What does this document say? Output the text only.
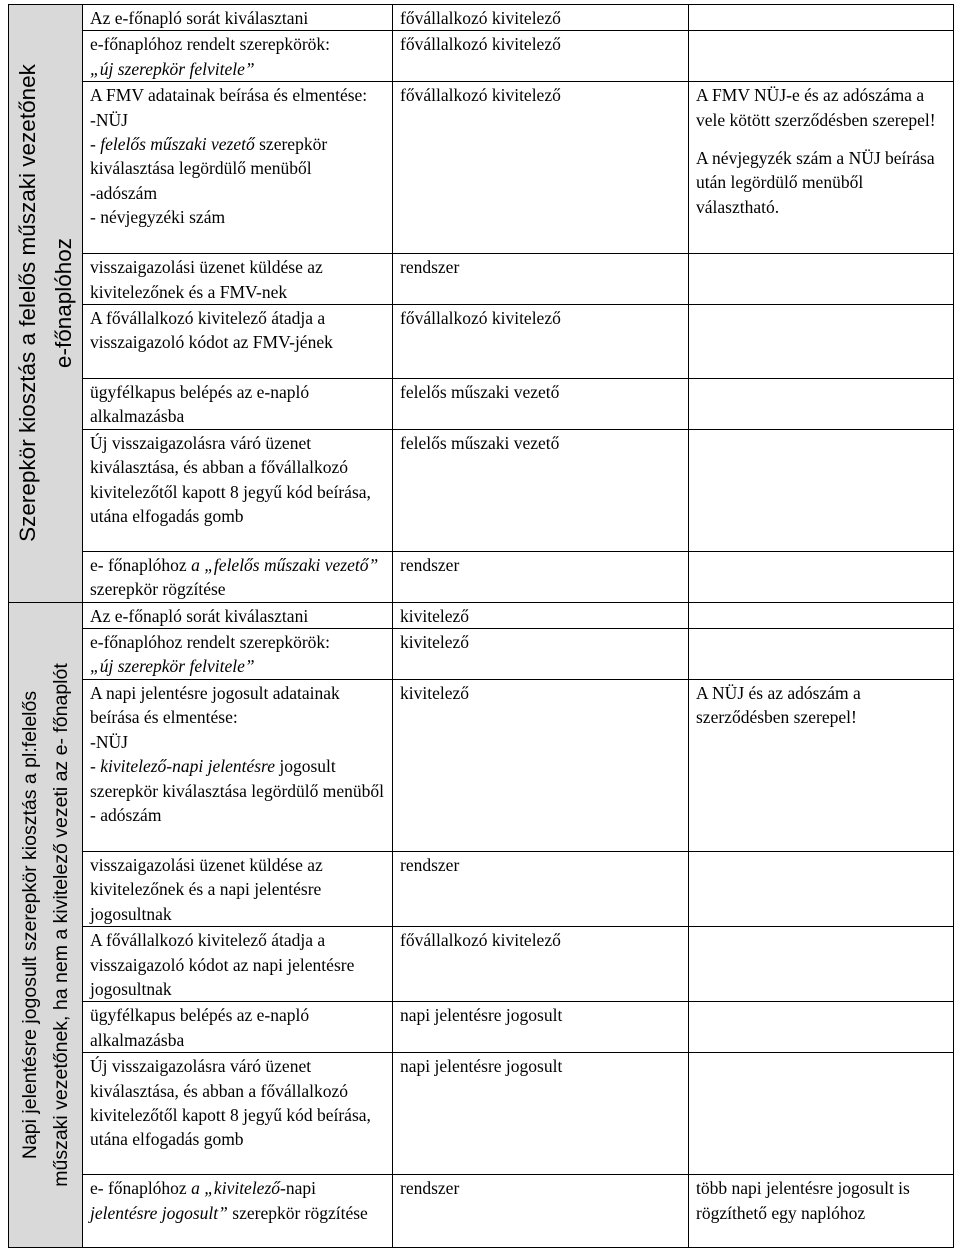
Szerepkör kiosztás a felelős műszaki vezetőnek e-főnaplóhoz	Az e-főnapló sorát kiválasztani	fővállalkozó kivitelező	

	e-főnaplóhoz rendelt szerepkörök:
„új szerepkör felvitele”	fővállalkozó kivitelező	

	A FMV adatainak beírása és elmentése:
-NÜJ
- felelős műszaki vezető szerepkör kiválasztása legördülő menüből
-adószám
- névjegyzéki szám	fővállalkozó kivitelező	A FMV NÜJ-e és az adószáma a vele kötött szerződésben szerepel!
A névjegyzék szám a NÜJ beírása után legördülő menüből választható.

	visszaigazolási üzenet küldése az kivitelezőnek és a FMV-nek	rendszer	

	A fővállalkozó kivitelező átadja a visszaigazoló kódot az FMV-jének	fővállalkozó kivitelező	

	ügyfélkapus belépés az e-napló alkalmazásba	felelős műszaki vezető	

	Új visszaigazolásra váró üzenet kiválasztása, és abban a fővállalkozó kivitelezőtől kapott 8 jegyű kód beírása, utána elfogadás gomb	felelős műszaki vezető	

	e- főnaplóhoz a „felelős műszaki vezető” szerepkör rögzítése	rendszer	

Napi jelentésre jogosult szerepkör kiosztás a pl:felelős műszaki vezetőnek, ha nem a kivitelező vezeti az e- főnaplót	Az e-főnapló sorát kiválasztani	kivitelező	

	e-főnaplóhoz rendelt szerepkörök:
„új szerepkör felvitele”	kivitelező	

	A napi jelentésre jogosult adatainak beírása és elmentése:
-NÜJ
- kivitelező-napi jelentésre jogosult szerepkör kiválasztása legördülő menüből
- adószám	kivitelező	A NÜJ és az adószám a szerződésben szerepel!

	visszaigazolási üzenet küldése az kivitelezőnek és a napi jelentésre jogosultnak	rendszer	

	A fővállalkozó kivitelező átadja a visszaigazoló kódot az napi jelentésre jogosultnak	fővállalkozó kivitelező	

	ügyfélkapus belépés az e-napló alkalmazásba	napi jelentésre jogosult	

	Új visszaigazolásra váró üzenet kiválasztása, és abban a fővállalkozó kivitelezőtől kapott 8 jegyű kód beírása, utána elfogadás gomb	napi jelentésre jogosult	

	e- főnaplóhoz a „kivitelező-napi jelentésre jogosult” szerepkör rögzítése	rendszer	több napi jelentésre jogosult is rögzíthető egy naplóhoz
